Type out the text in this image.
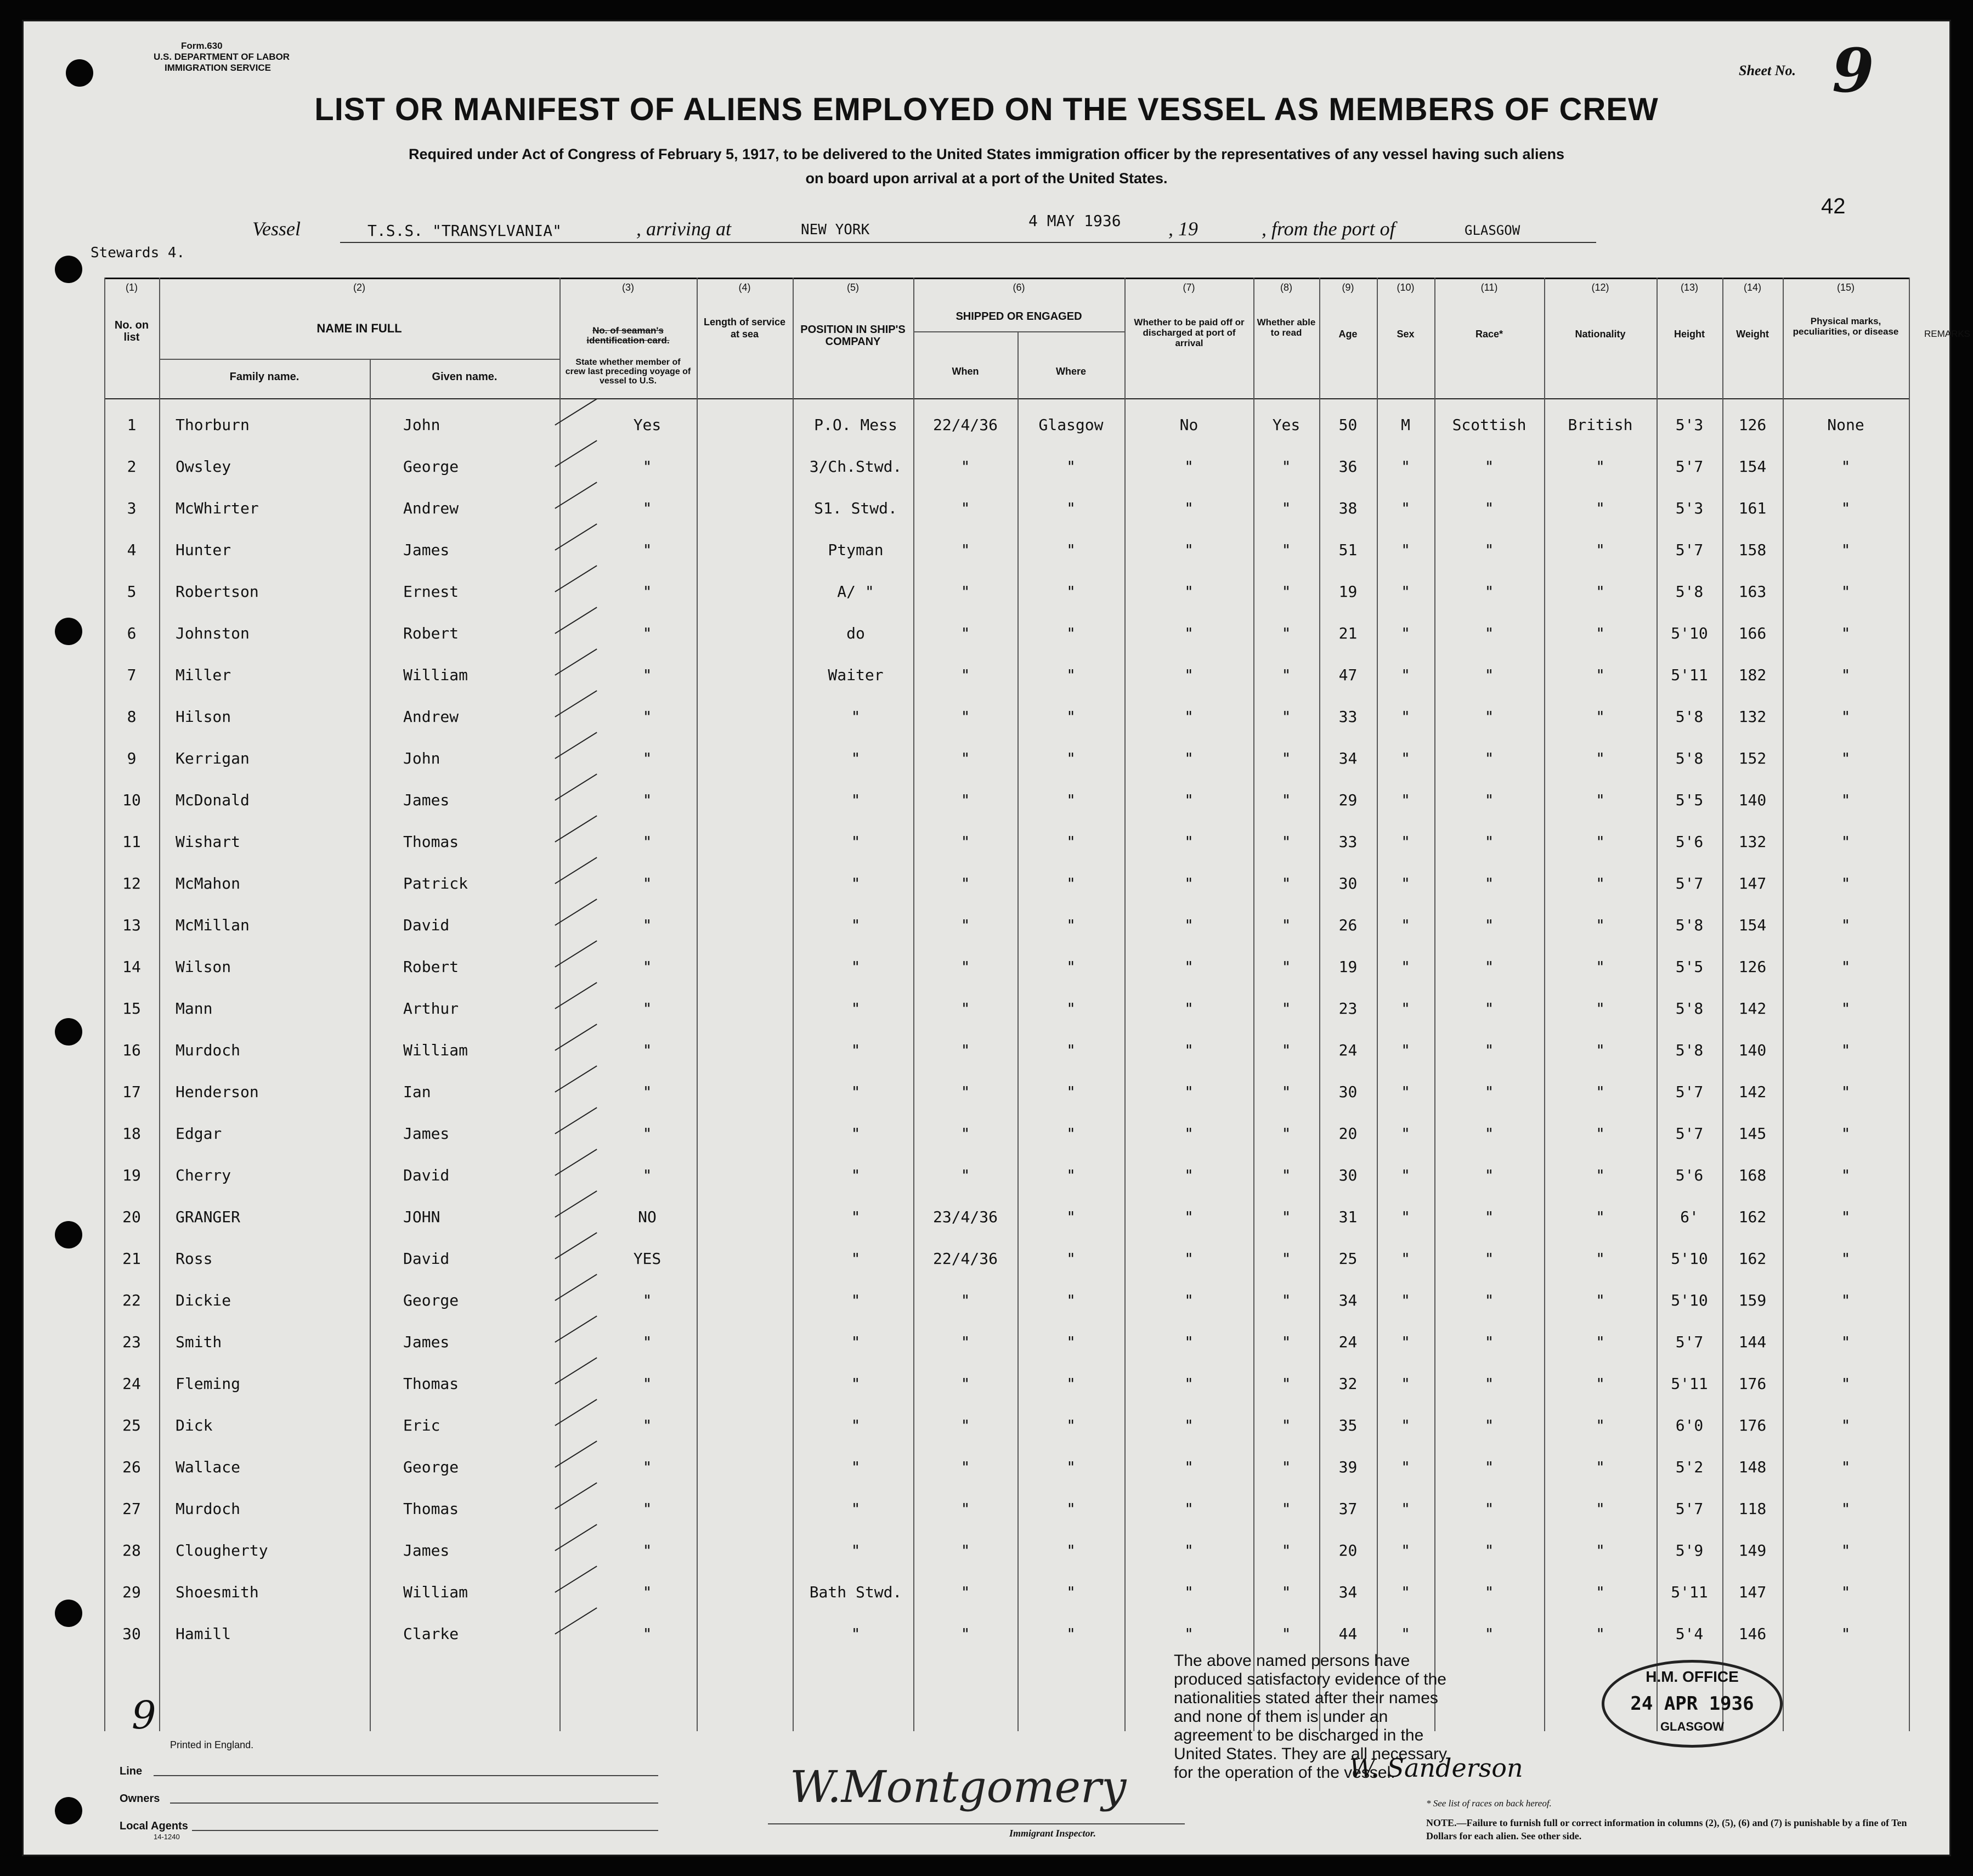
Form.630
U.S. DEPARTMENT OF LABOR
IMMIGRATION SERVICE	Sheet No. 9
42
LIST OR MANIFEST OF ALIENS EMPLOYED ON THE VESSEL AS MEMBERS OF CREW
Required under Act of Congress of February 5, 1917, to be delivered to the United States immigration officer by the representatives of any vessel having such aliens
on board upon arrival at a port of the United States.
Vessel	T.S.S. "TRANSYLVANIA"	, arriving at	NEW YORK	4 MAY 1936 , 19	, from the port of	GLASGOW
Stewards 4.
(1)	(2)	(3)	(4)	(5)	(6)	(7)	(8)	(9)	(10)	(11)	(12)	(13)	(14)	(15)
No. on list
NAME IN FULL
Family name.	Given name.
No. of seaman's identification card.
State whether member of crew last preceding voyage of vessel to U.S.
Length of service at sea	POSITION IN SHIP'S COMPANY
SHIPPED OR ENGAGED
When	Where
Whether to be paid off or discharged at port of arrival
Whether able to read	Age	Sex	Race*	Nationality	Height	Weight
Physical marks, peculiarities, or disease	REMARKS
1	Thorburn	John	Yes	P.O. Mess	22/4/36	Glasgow	No	Yes	50	M	Scottish	British	5'3	126	None
2	Owsley	George	"	3/Ch.Stwd.	"	"	"	"	36	"	"	"	5'7	154	"
3	McWhirter	Andrew	"	S1. Stwd.	"	"	"	"	38	"	"	"	5'3	161	"
4	Hunter	James	"	Ptyman	"	"	"	"	51	"	"	"	5'7	158	"
5	Robertson	Ernest	"	A/ "	"	"	"	"	19	"	"	"	5'8	163	"
6	Johnston	Robert	"	do	"	"	"	"	21	"	"	"	5'10	166	"
7	Miller	William	"	Waiter	"	"	"	"	47	"	"	"	5'11	182	"
8	Hilson	Andrew	"	"	"	"	"	"	33	"	"	"	5'8	132	"
9	Kerrigan	John	"	"	"	"	"	"	34	"	"	"	5'8	152	"
10	McDonald	James	"	"	"	"	"	"	29	"	"	"	5'5	140	"
11	Wishart	Thomas	"	"	"	"	"	"	33	"	"	"	5'6	132	"
12	McMahon	Patrick	"	"	"	"	"	"	30	"	"	"	5'7	147	"
13	McMillan	David	"	"	"	"	"	"	26	"	"	"	5'8	154	"
14	Wilson	Robert	"	"	"	"	"	"	19	"	"	"	5'5	126	"
15	Mann	Arthur	"	"	"	"	"	"	23	"	"	"	5'8	142	"
16	Murdoch	William	"	"	"	"	"	"	24	"	"	"	5'8	140	"
17	Henderson	Ian	"	"	"	"	"	"	30	"	"	"	5'7	142	"
18	Edgar	James	"	"	"	"	"	"	20	"	"	"	5'7	145	"
19	Cherry	David	"	"	"	"	"	"	30	"	"	"	5'6	168	"
20	GRANGER	JOHN	NO	"	23/4/36	"	"	"	31	"	"	"	6'	162	"
21	Ross	David	YES	"	22/4/36	"	"	"	25	"	"	"	5'10	162	"
22	Dickie	George	"	"	"	"	"	"	34	"	"	"	5'10	159	"
23	Smith	James	"	"	"	"	"	"	24	"	"	"	5'7	144	"
24	Fleming	Thomas	"	"	"	"	"	"	32	"	"	"	5'11	176	"
25	Dick	Eric	"	"	"	"	"	"	35	"	"	"	6'0	176	"
26	Wallace	George	"	"	"	"	"	"	39	"	"	"	5'2	148	"
27	Murdoch	Thomas	"	"	"	"	"	"	37	"	"	"	5'7	118	"
28	Clougherty	James	"	"	"	"	"	"	20	"	"	"	5'9	149	"
29	Shoesmith	William	"	Bath Stwd.	"	"	"	"	34	"	"	"	5'11	147	"
30	Hamill	Clarke	"	"	"	"	"	"	44	"	"	"	5'4	146	"
9
Printed in England.
Line
Owners
Local Agents
14-1240
W.Montgomery
Immigrant Inspector.
The above named persons have produced satisfactory evidence of the nationalities stated after their names and none of them is under an agreement to be discharged in the United States. They are all necessary for the operation of the vessel.
W. Sanderson
H.M. OFFICE
24 APR 1936
GLASGOW
* See list of races on back hereof.
NOTE.—Failure to furnish full or correct information in columns (2), (5), (6) and (7) is punishable by a fine of Ten Dollars for each alien. See other side.
